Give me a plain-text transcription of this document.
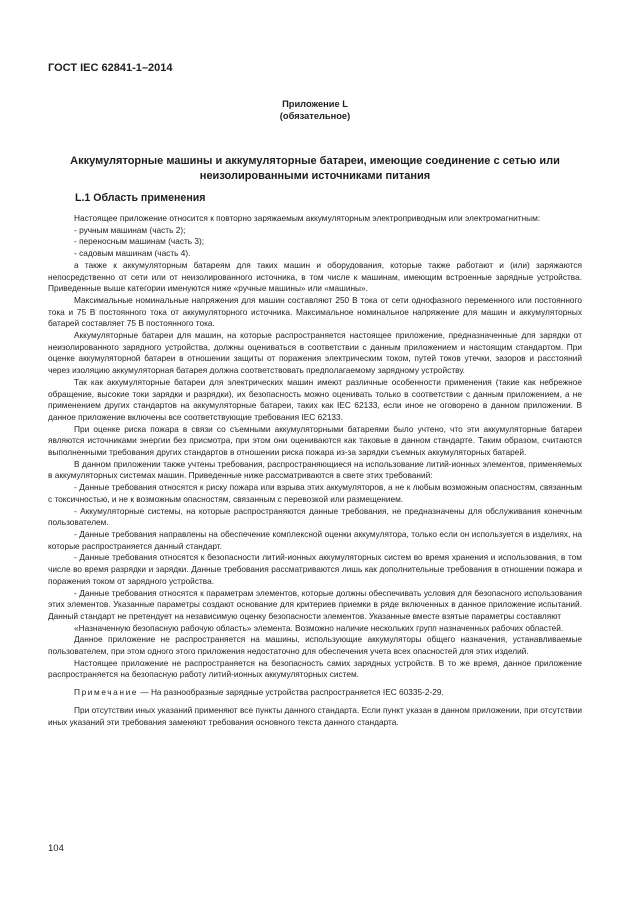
ГОСТ IEC 62841-1–2014

Приложение L
(обязательное)
Аккумуляторные машины и аккумуляторные батареи, имеющие соединение с сетью или неизолированными источниками питания
L.1 Область применения

Настоящее приложение относится к повторно заряжаемым аккумуляторным электроприводным или электромагнитным:

- ручным машинам (часть 2);

- переносным машинам (часть 3);

- садовым машинам (часть 4).

а также к аккумуляторным батареям для таких машин и оборудования, которые также работают и (или) заряжаются непосредственно от сети или от неизолированного источника, в том числе к машинам, имеющим встроенные зарядные устройства. Приведенные выше категории именуются ниже «ручные машины» или «машины».

Максимальные номинальные напряжения для машин составляют 250 В тока от сети однофазного переменного или постоянного тока и 75 В постоянного тока от аккумуляторного источника. Максимальное номинальное напряжение для машин и аккумуляторных батарей составляет 75 В постоянного тока.

Аккумуляторные батареи для машин, на которые распространяется настоящее приложение, предназначенные для зарядки от неизолированного зарядного устройства, должны оцениваться в соответствии с данным приложением и настоящим стандартом. При оценке аккумуляторной батареи в отношении защиты от поражения электрическим током, путей токов утечки, зазоров и расстояний через изоляцию аккумуляторная батарея должна соответствовать предполагаемому зарядному устройству.

Так как аккумуляторные батареи для электрических машин имеют различные особенности применения (такие как небрежное обращение, высокие токи зарядки и разрядки), их безопасность можно оценивать только в соответствии с данным приложением, а не применением других стандартов на аккумуляторные батареи, таких как IEC 62133, если иное не оговорено в данном приложении. В данное приложение включены все соответствующие требования IEC 62133.

При оценке риска пожара в связи со съемными аккумуляторными батареями было учтено, что эти аккумуляторные батареи являются источниками энергии без присмотра, при этом они оцениваются как таковые в данном стандарте. Таким образом, считаются выполненными требования других стандартов в отношении риска пожара из-за зарядки съемных аккумуляторных батарей.

В данном приложении также учтены требования, распространяющиеся на использование литий-ионных элементов, применяемых в аккумуляторных системах машин. Приведенные ниже рассматриваются в свете этих требований:

- Данные требования относятся к риску пожара или взрыва этих аккумуляторов, а не к любым возможным опасностям, связанным с токсичностью, и не к возможным опасностям, связанным с перевозкой или размещением.

- Аккумуляторные системы, на которые распространяются данные требования, не предназначены для обслуживания конечным пользователем.

- Данные требования направлены на обеспечение комплексной оценки аккумулятора, только если он используется в изделиях, на которые распространяется данный стандарт.

- Данные требования относятся к безопасности литий-ионных аккумуляторных систем во время хранения и использования, в том числе во время разрядки и зарядки. Данные требования рассматриваются лишь как дополнительные требования в отношении пожара и поражения током от зарядного устройства.

- Данные требования относятся к параметрам элементов, которые должны обеспечивать условия для безопасного использования этих элементов. Указанные параметры создают основание для критериев приемки в ряде включенных в данное приложение испытаний. Данный стандарт не претендует на независимую оценку безопасности элементов. Указанные вместе взятые параметры составляют

«Назначенную безопасную рабочую область» элемента. Возможно наличие нескольких групп назначенных рабочих областей.

Данное приложение не распространяется на машины, использующие аккумуляторы общего назначения, устанавливаемые пользователем, при этом одного этого приложения недостаточно для обеспечения учета всех опасностей для этих изделий.

Настоящее приложение не распространяется на безопасность самих зарядных устройств. В то же время, данное приложение распространяется на безопасную работу литий-ионных аккумуляторных систем.

Примечание — На разнообразные зарядные устройства распространяется IEC 60335-2-29.

При отсутствии иных указаний применяют все пункты данного стандарта. Если пункт указан в данном приложении, при отсутствии иных указаний эти требования заменяют требования основного текста данного стандарта.

104
